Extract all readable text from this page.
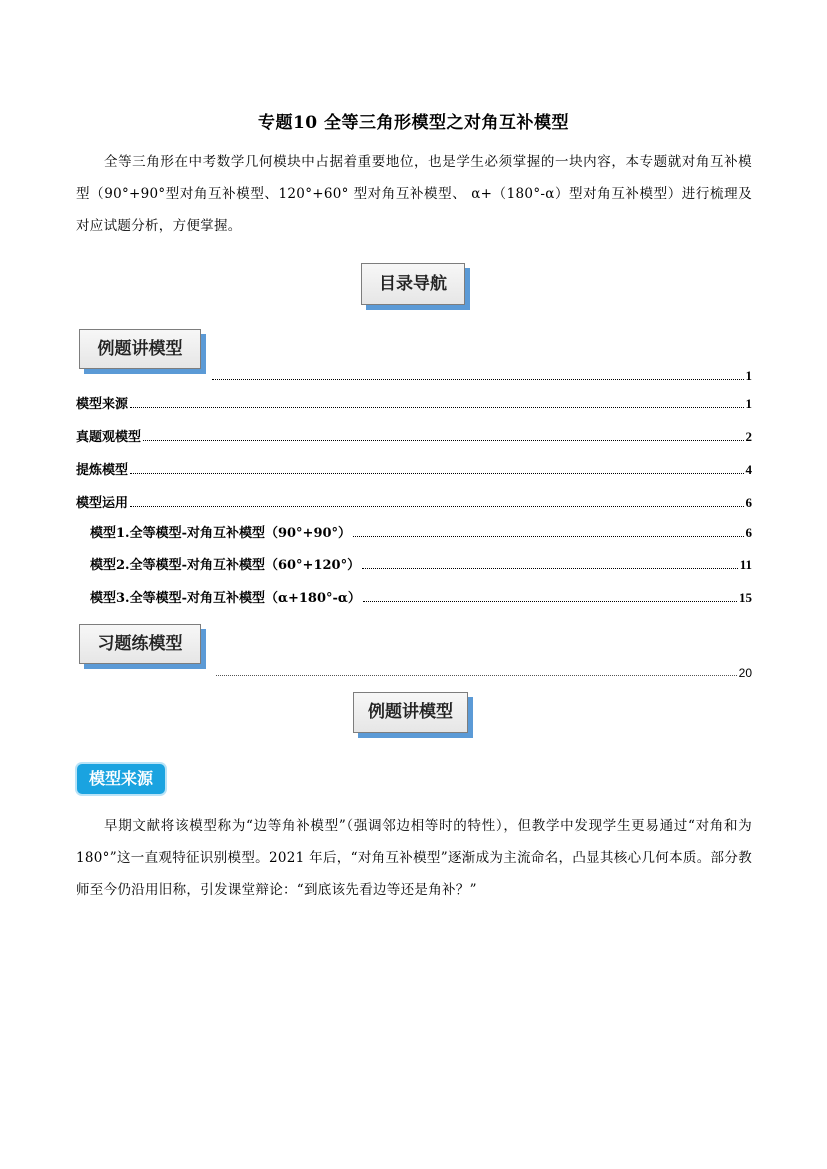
专题10 全等三角形模型之对角互补模型
全等三角形在中考数学几何模块中占据着重要地位，也是学生必须掌握的一块内容，本专题就对角互补模型（90°+90°型对角互补模型、120°+60° 型对角互补模型、 α+（180°-α）型对角互补模型）进行梳理及对应试题分析，方便掌握。
目录导航
例题讲模型
1
模型来源	1
真题观模型	2
提炼模型	4
模型运用	6
模型1.全等模型-对角互补模型（90°+90°）	6
模型2.全等模型-对角互补模型（60°+120°）	11
模型3.全等模型-对角互补模型（α+180°-α）	15
习题练模型
20
例题讲模型
模型来源
早期文献将该模型称为“边等角补模型”（强调邻边相等时的特性），但教学中发现学生更易通过“对角和为 180°”这一直观特征识别模型。2021 年后，“对角互补模型”逐渐成为主流命名，凸显其核心几何本质。部分教师至今仍沿用旧称，引发课堂辩论：“到底该先看边等还是角补？”
